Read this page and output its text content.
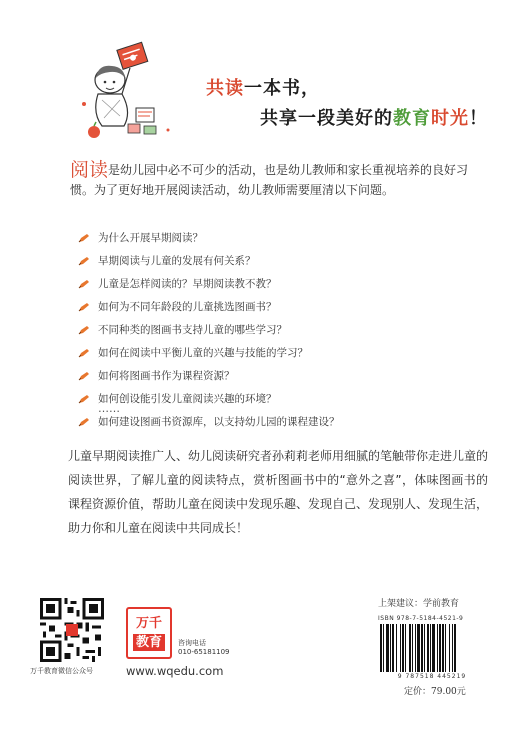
共读一本书，
共享一段美好的教育时光！

阅读是幼儿园中必不可少的活动，也是幼儿教师和家长重视培养的良好习惯。为了更好地开展阅读活动，幼儿教师需要厘清以下问题。

为什么开展早期阅读？
早期阅读与儿童的发展有何关系？
儿童是怎样阅读的？早期阅读教不教？
如何为不同年龄段的儿童挑选图画书？
不同种类的图画书支持儿童的哪些学习？
如何在阅读中平衡儿童的兴趣与技能的学习？
如何将图画书作为课程资源？
如何创设能引发儿童阅读兴趣的环境？
如何建设图画书资源库，以支持幼儿园的课程建设？
……

儿童早期阅读推广人、幼儿阅读研究者孙莉莉老师用细腻的笔触带你走进儿童的阅读世界，了解儿童的阅读特点，赏析图画书中的“意外之喜”，体味图画书的课程资源价值，帮助儿童在阅读中发现乐趣、发现自己、发现别人、发现生活，助力你和儿童在阅读中共同成长！

万千教育微信公众号
万千
教育	咨询电话
010-65181109
www.wqedu.com
上架建议：学前教育
ISBN 978-7-5184-4521-9
9 787518 445219
定价：79.00元
